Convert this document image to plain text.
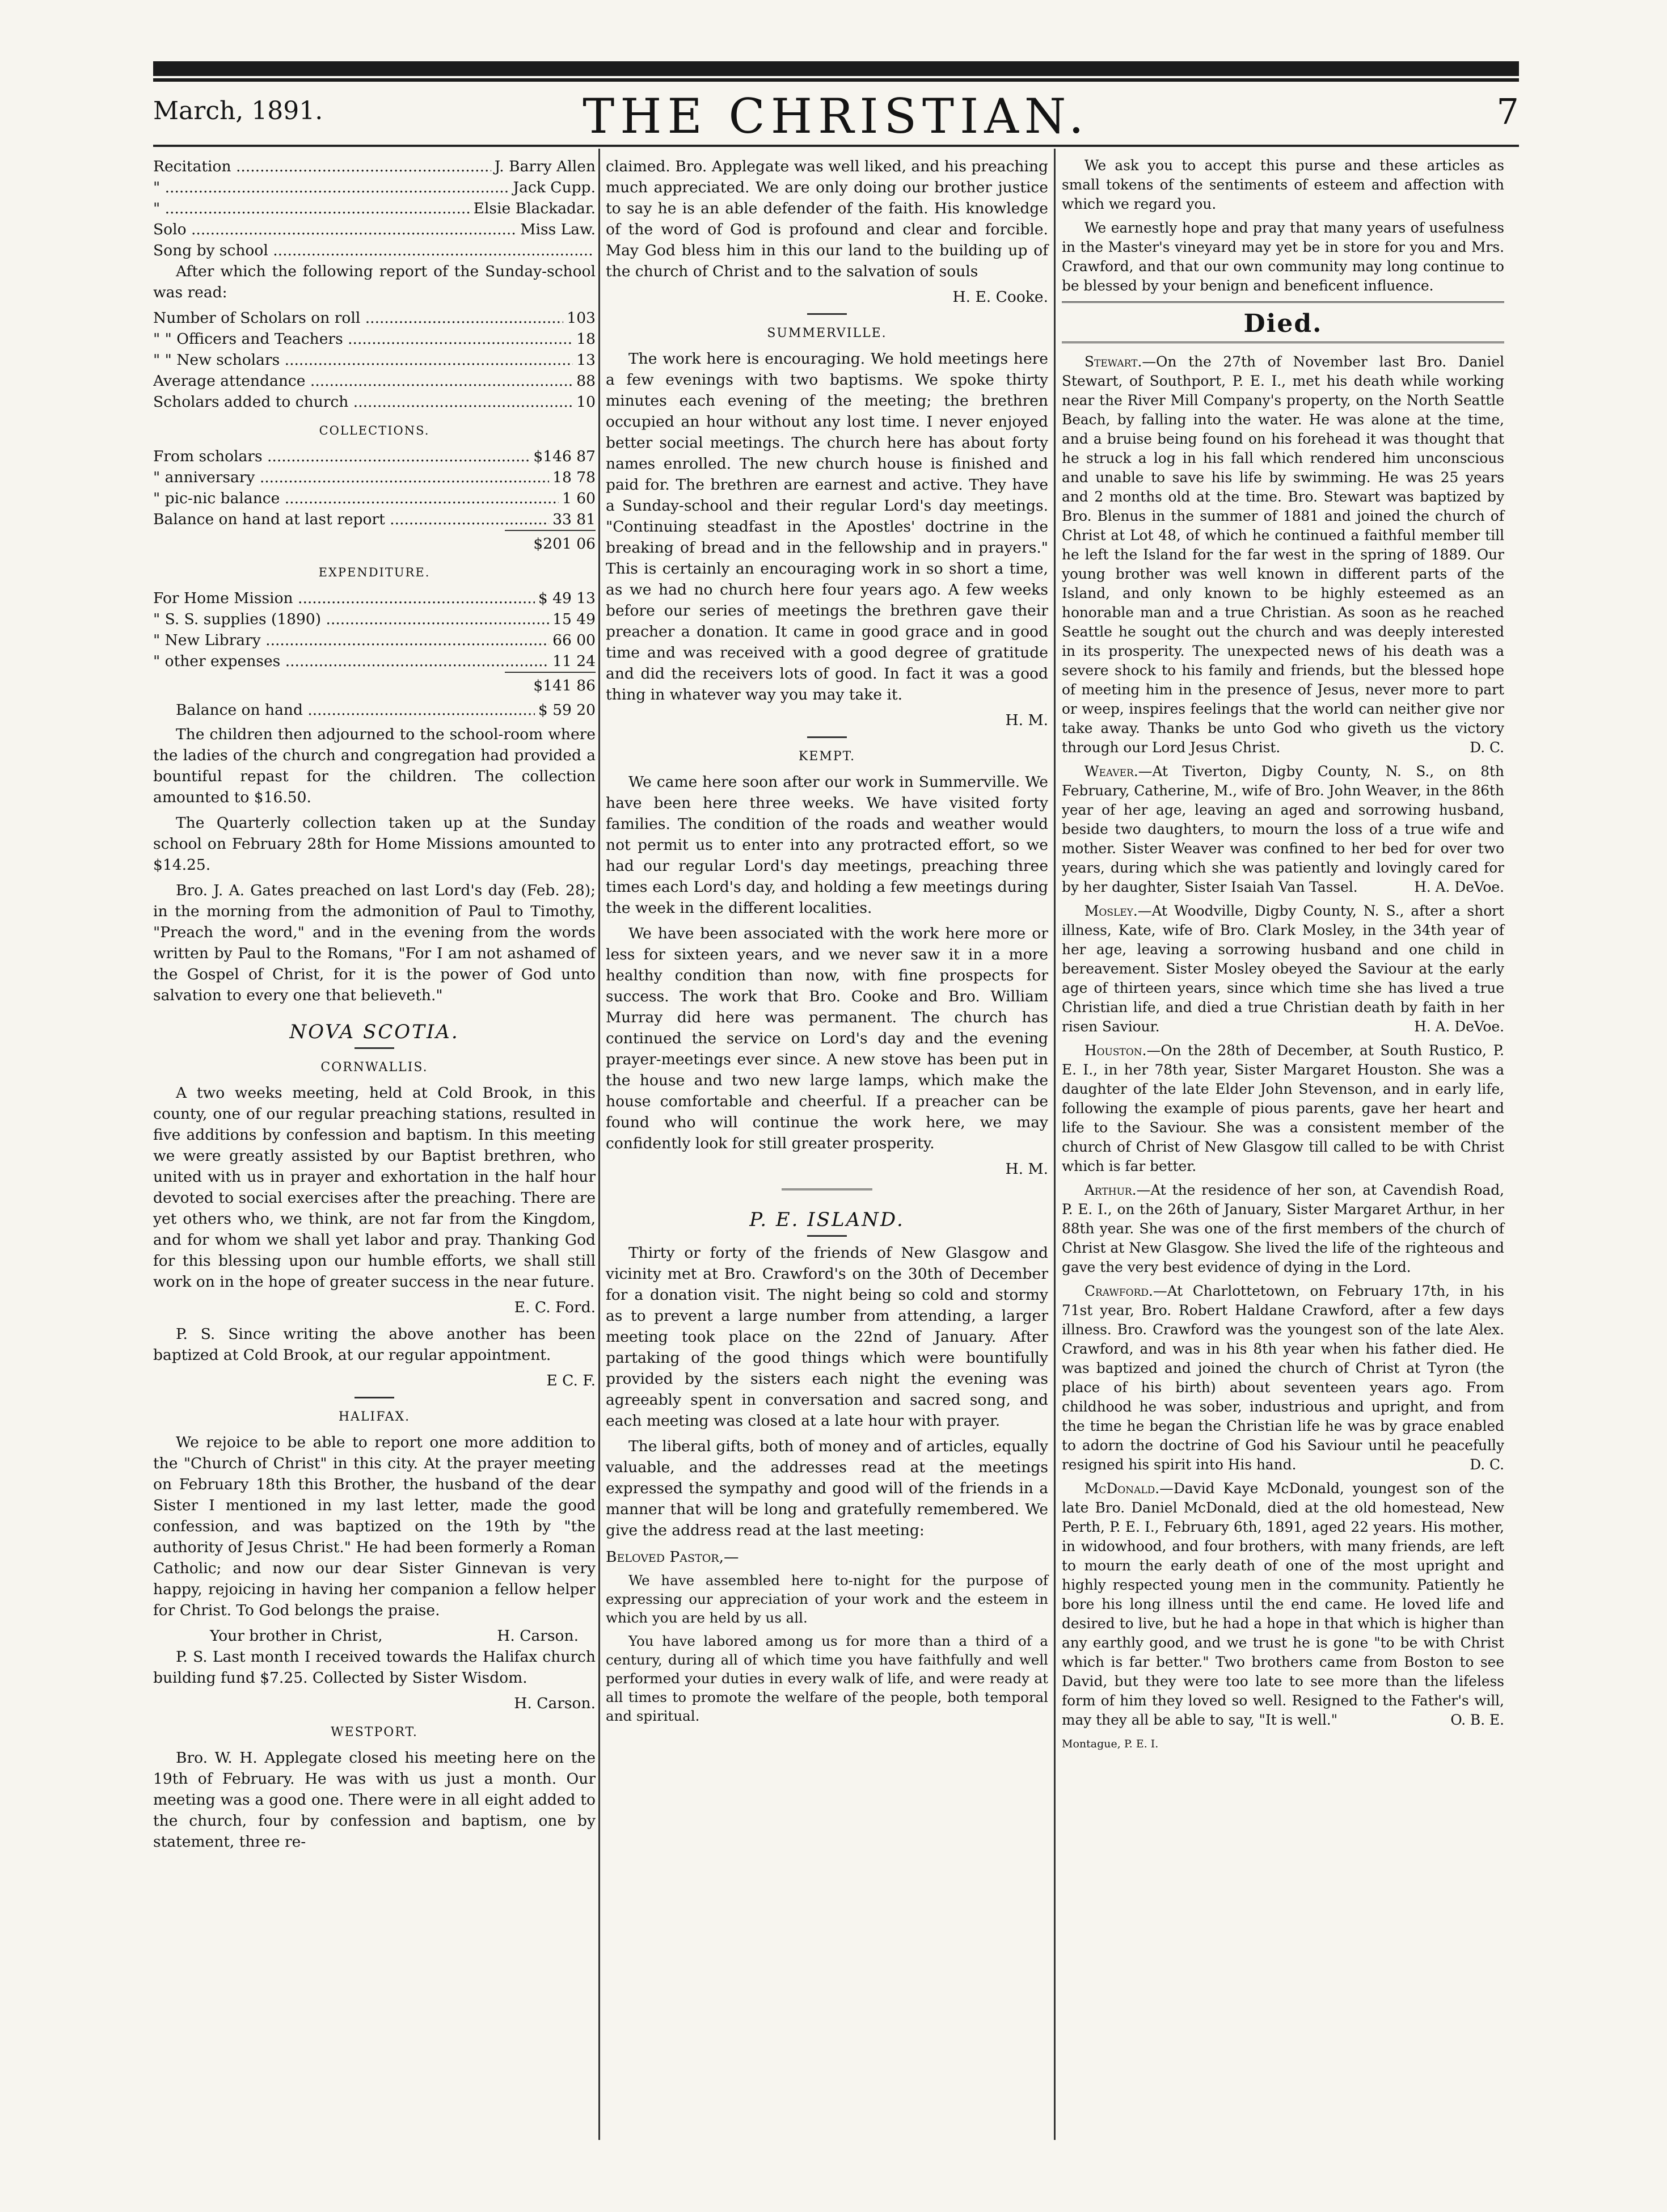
March, 1891.	THE CHRISTIAN.	7
Recitation .....	J. Barry Allen
" .....	Jack Cupp.
" .....	Elsie Blackadar.
Solo .....	Miss Law.
Song by school .....

After which the following report of the Sunday-school was read:

Number of Scholars on roll .....	103
" " Officers and Teachers .....	18
" " New scholars .....	13
Average attendance .....	88
Scholars added to church .....	10
COLLECTIONS.
From scholars .....	$146 87
" anniversary .....	18 78
" pic-nic balance .....	1 60
Balance on hand at last report .....	33 81
$201 06
EXPENDITURE.
For Home Mission .....	$ 49 13
" S. S. supplies (1890) .....	15 49
" New Library .....	66 00
" other expenses .....	11 24
$141 86
Balance on hand .....	$ 59 20

The children then adjourned to the school-room where the ladies of the church and congregation had provided a bountiful repast for the children. The collection amounted to $16.50.

The Quarterly collection taken up at the Sunday school on February 28th for Home Missions amounted to $14.25.

Bro. J. A. Gates preached on last Lord's day (Feb. 28); in the morning from the admonition of Paul to Timothy, "Preach the word," and in the evening from the words written by Paul to the Romans, "For I am not ashamed of the Gospel of Christ, for it is the power of God unto salvation to every one that believeth."

NOVA SCOTIA.
CORNWALLIS.

A two weeks meeting, held at Cold Brook, in this county, one of our regular preaching stations, resulted in five additions by confession and baptism. In this meeting we were greatly assisted by our Baptist brethren, who united with us in prayer and exhortation in the half hour devoted to social exercises after the preaching. There are yet others who, we think, are not far from the Kingdom, and for whom we shall yet labor and pray. Thanking God for this blessing upon our humble efforts, we shall still work on in the hope of greater success in the near future.

E. C. Ford.

P. S. Since writing the above another has been baptized at Cold Brook, at our regular appointment.

E C. F.
HALIFAX.

We rejoice to be able to report one more addition to the "Church of Christ" in this city. At the prayer meeting on February 18th this Brother, the husband of the dear Sister I mentioned in my last letter, made the good confession, and was baptized on the 19th by "the authority of Jesus Christ." He had been formerly a Roman Catholic; and now our dear Sister Ginnevan is very happy, rejoicing in having her companion a fellow helper for Christ. To God belongs the praise.

Your brother in Christ,	H. Carson.

P. S. Last month I received towards the Halifax church building fund $7.25. Collected by Sister Wisdom.

H. Carson.
WESTPORT.

Bro. W. H. Applegate closed his meeting here on the 19th of February. He was with us just a month. Our meeting was a good one. There were in all eight added to the church, four by confession and baptism, one by statement, three re-

claimed. Bro. Applegate was well liked, and his preaching much appreciated. We are only doing our brother justice to say he is an able defender of the faith. His knowledge of the word of God is profound and clear and forcible. May God bless him in this our land to the building up of the church of Christ and to the salvation of souls

H. E. Cooke.
SUMMERVILLE.

The work here is encouraging. We hold meetings here a few evenings with two baptisms. We spoke thirty minutes each evening of the meeting; the brethren occupied an hour without any lost time. I never enjoyed better social meetings. The church here has about forty names enrolled. The new church house is finished and paid for. The brethren are earnest and active. They have a Sunday-school and their regular Lord's day meetings. "Continuing steadfast in the Apostles' doctrine in the breaking of bread and in the fellowship and in prayers." This is certainly an encouraging work in so short a time, as we had no church here four years ago. A few weeks before our series of meetings the brethren gave their preacher a donation. It came in good grace and in good time and was received with a good degree of gratitude and did the receivers lots of good. In fact it was a good thing in whatever way you may take it.

H. M.
KEMPT.

We came here soon after our work in Summerville. We have been here three weeks. We have visited forty families. The condition of the roads and weather would not permit us to enter into any protracted effort, so we had our regular Lord's day meetings, preaching three times each Lord's day, and holding a few meetings during the week in the different localities.

We have been associated with the work here more or less for sixteen years, and we never saw it in a more healthy condition than now, with fine prospects for success. The work that Bro. Cooke and Bro. William Murray did here was permanent. The church has continued the service on Lord's day and the evening prayer-meetings ever since. A new stove has been put in the house and two new large lamps, which make the house comfortable and cheerful. If a preacher can be found who will continue the work here, we may confidently look for still greater prosperity.

H. M.
P. E. ISLAND.

Thirty or forty of the friends of New Glasgow and vicinity met at Bro. Crawford's on the 30th of December for a donation visit. The night being so cold and stormy as to prevent a large number from attending, a larger meeting took place on the 22nd of January. After partaking of the good things which were bountifully provided by the sisters each night the evening was agreeably spent in conversation and sacred song, and each meeting was closed at a late hour with prayer.

The liberal gifts, both of money and of articles, equally valuable, and the addresses read at the meetings expressed the sympathy and good will of the friends in a manner that will be long and gratefully remembered. We give the address read at the last meeting:

Beloved Pastor,—

We have assembled here to-night for the purpose of expressing our appreciation of your work and the esteem in which you are held by us all.

You have labored among us for more than a third of a century, during all of which time you have faithfully and well performed your duties in every walk of life, and were ready at all times to promote the welfare of the people, both temporal and spiritual.

We ask you to accept this purse and these articles as small tokens of the sentiments of esteem and affection with which we regard you.

We earnestly hope and pray that many years of usefulness in the Master's vineyard may yet be in store for you and Mrs. Crawford, and that our own community may long continue to be blessed by your benign and beneficent influence.

Died.

Stewart.—On the 27th of November last Bro. Daniel Stewart, of Southport, P. E. I., met his death while working near the River Mill Company's property, on the North Seattle Beach, by falling into the water. He was alone at the time, and a bruise being found on his forehead it was thought that he struck a log in his fall which rendered him unconscious and unable to save his life by swimming. He was 25 years and 2 months old at the time. Bro. Stewart was baptized by Bro. Blenus in the summer of 1881 and joined the church of Christ at Lot 48, of which he continued a faithful member till he left the Island for the far west in the spring of 1889. Our young brother was well known in different parts of the Island, and only known to be highly esteemed as an honorable man and a true Christian. As soon as he reached Seattle he sought out the church and was deeply interested in its prosperity. The unexpected news of his death was a severe shock to his family and friends, but the blessed hope of meeting him in the presence of Jesus, never more to part or weep, inspires feelings that the world can neither give nor take away. Thanks be unto God who giveth us the victory through our Lord Jesus Christ.	D. C.

Weaver.—At Tiverton, Digby County, N. S., on 8th February, Catherine, M., wife of Bro. John Weaver, in the 86th year of her age, leaving an aged and sorrowing husband, beside two daughters, to mourn the loss of a true wife and mother. Sister Weaver was confined to her bed for over two years, during which she was patiently and lovingly cared for by her daughter, Sister Isaiah Van Tassel.	H. A. DeVoe.

Mosley.—At Woodville, Digby County, N. S., after a short illness, Kate, wife of Bro. Clark Mosley, in the 34th year of her age, leaving a sorrowing husband and one child in bereavement. Sister Mosley obeyed the Saviour at the early age of thirteen years, since which time she has lived a true Christian life, and died a true Christian death by faith in her risen Saviour.	H. A. DeVoe.

Houston.—On the 28th of December, at South Rustico, P. E. I., in her 78th year, Sister Margaret Houston. She was a daughter of the late Elder John Stevenson, and in early life, following the example of pious parents, gave her heart and life to the Saviour. She was a consistent member of the church of Christ of New Glasgow till called to be with Christ which is far better.

Arthur.—At the residence of her son, at Cavendish Road, P. E. I., on the 26th of January, Sister Margaret Arthur, in her 88th year. She was one of the first members of the church of Christ at New Glasgow. She lived the life of the righteous and gave the very best evidence of dying in the Lord.

Crawford.—At Charlottetown, on February 17th, in his 71st year, Bro. Robert Haldane Crawford, after a few days illness. Bro. Crawford was the youngest son of the late Alex. Crawford, and was in his 8th year when his father died. He was baptized and joined the church of Christ at Tyron (the place of his birth) about seventeen years ago. From childhood he was sober, industrious and upright, and from the time he began the Christian life he was by grace enabled to adorn the doctrine of God his Saviour until he peacefully resigned his spirit into His hand.	D. C.

McDonald.—David Kaye McDonald, youngest son of the late Bro. Daniel McDonald, died at the old homestead, New Perth, P. E. I., February 6th, 1891, aged 22 years. His mother, in widowhood, and four brothers, with many friends, are left to mourn the early death of one of the most upright and highly respected young men in the community. Patiently he bore his long illness until the end came. He loved life and desired to live, but he had a hope in that which is higher than any earthly good, and we trust he is gone "to be with Christ which is far better." Two brothers came from Boston to see David, but they were too late to see more than the lifeless form of him they loved so well. Resigned to the Father's will, may they all be able to say, "It is well."	O. B. E.

Montague, P. E. I.
